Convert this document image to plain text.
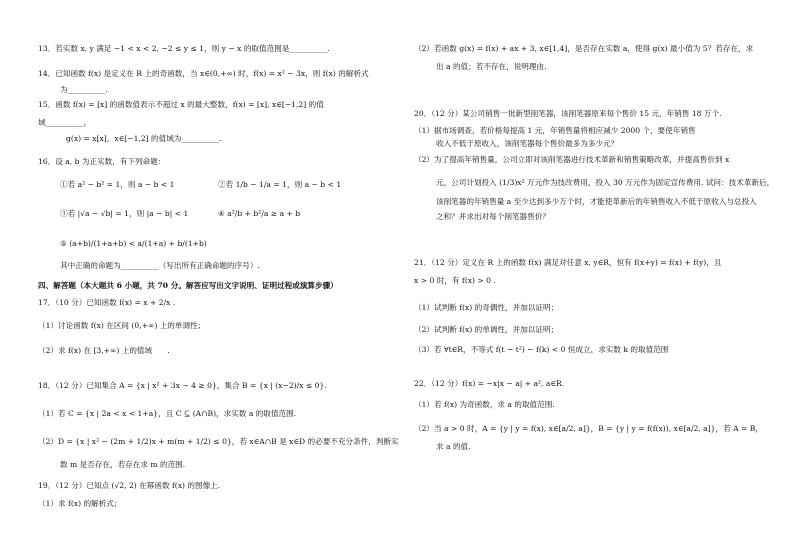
13．若实数 x, y 满足 −1 < x < 2, −2 ≤ y ≤ 1，则 y − x 的取值范围是__________.
14．已知函数 f(x) 是定义在 R 上的奇函数，当 x∈(0,+∞) 时，f(x) = x² − 3x，则 f(x) 的解析式
为__________.
15．函数 f(x) = [x] 的函数值表示不超过 x 的最大整数，f(x) = [x], x∈[−1,2] 的值
域__________，
g(x) = x[x]，x∈[−1,2] 的值域为__________.
16．设 a, b 为正实数，有下列命题：
①若 a² − b² = 1，则 a − b < 1	②若 1/b − 1/a = 1，则 a − b < 1
③若 |√a − √b| = 1，则 |a − b| < 1	④ a²/b + b²/a ≥ a + b
⑤ (a+b)/(1+a+b) < a/(1+a) + b/(1+b)
其中正确的命题为__________（写出所有正确命题的序号）.
四、解答题（本大题共 6 小题，共 70 分。解答应写出文字说明、证明过程或演算步骤）
17．（10 分）已知函数 f(x) = x + 2/x .
（1）讨论函数 f(x) 在区间 (0,+∞) 上的单调性；
（2）求 f(x) 在 [3,+∞) 上的值域　　.
18．（12 分）已知集合 A = {x | x² + 3x − 4 ≥ 0}，集合 B = {x | (x−2)/x ≤ 0}.
（1）若 C = {x | 2a < x < 1+a}，且 C ⊆ (A∩B)，求实数 a 的取值范围.
（2）D = {x | x² − (2m + 1/2)x + m(m + 1/2) ≤ 0}，若 x∈A∩B 是 x∈D 的必要不充分条件，判断实
数 m 是否存在，若存在求 m 的范围.
19．（12 分）已知点 (√2, 2) 在幂函数 f(x) 的图像上.
（1）求 f(x) 的解析式；
（2）若函数 g(x) = f(x) + ax + 3, x∈[1,4]，是否存在实数 a，使得 g(x) 最小值为 5？若存在，求
出 a 的值；若不存在，说明理由.
20．（12 分）某公司销售一批新型削笔器，该削笔器原来每个售价 15 元，年销售 18 万个.
（1）据市场调查，若价格每提高 1 元，年销售量将相应减少 2000 个，要使年销售
收入不低于原收入，该削笔器每个售价最多为多少元？
（2）为了提高年销售量，公司立即对该削笔器进行技术革新和销售策略改革，并提高售价到 x
元，公司计划投入 (1/3)x² 万元作为技改费用，投入 30 万元作为固定宣传费用. 试问：技术革新后，
该削笔器的年销售量 a 至少达到多少万个时，才能使革新后的年销售收入不低于原收入与总投入
之和？并求出对每个削笔器售价？
21．（12 分）定义在 R 上的函数 f(x) 满足对任意 x, y∈R，恒有 f(x+y) = f(x) + f(y)，且
x > 0 时，有 f(x) > 0 .
（1）试判断 f(x) 的奇偶性，并加以证明；
（2）试判断 f(x) 的单调性，并加以证明；
（3）若 ∀t∈R，不等式 f(t − t²) − f(k) < 0 恒成立，求实数 k 的取值范围
22．（12 分）f(x) = −x|x − a| + a², a∈R.
（1）若 f(x) 为奇函数，求 a 的取值范围.
（2）当 a > 0 时，A = {y | y = f(x), x∈[a/2, a]}，B = {y | y = f(f(x)), x∈[a/2, a]}，若 A = B，
求 a 的值.
